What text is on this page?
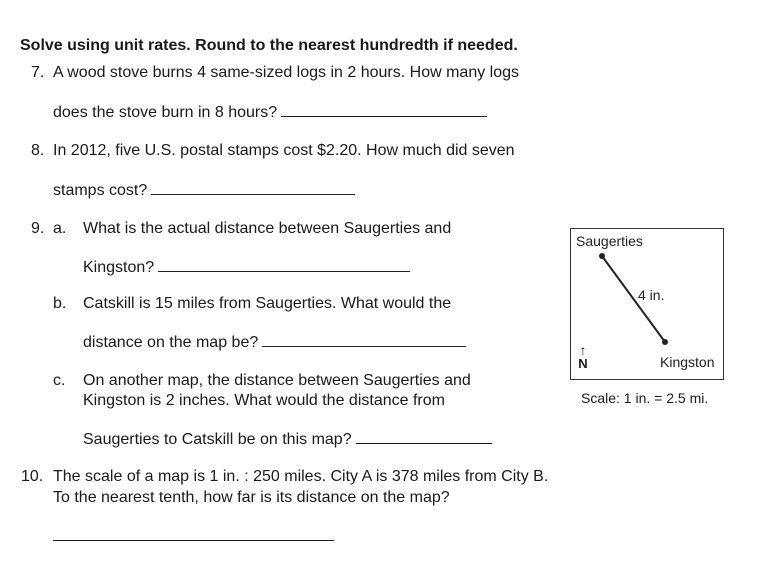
Solve using unit rates. Round to the nearest hundredth if needed.
7. A wood stove burns 4 same-sized logs in 2 hours. How many logs
does the stove burn in 8 hours?
8. In 2012, five U.S. postal stamps cost $2.20. How much did seven
stamps cost?
9. a. What is the actual distance between Saugerties and
Kingston?
b. Catskill is 15 miles from Saugerties. What would the
distance on the map be?
c. On another map, the distance between Saugerties and
Kingston is 2 inches. What would the distance from
Saugerties to Catskill be on this map?
10. The scale of a map is 1 in. : 250 miles. City A is 378 miles from City B.
To the nearest tenth, how far is its distance on the map?
Saugerties
4 in.
Kingston
↑
N
Scale: 1 in. = 2.5 mi.
